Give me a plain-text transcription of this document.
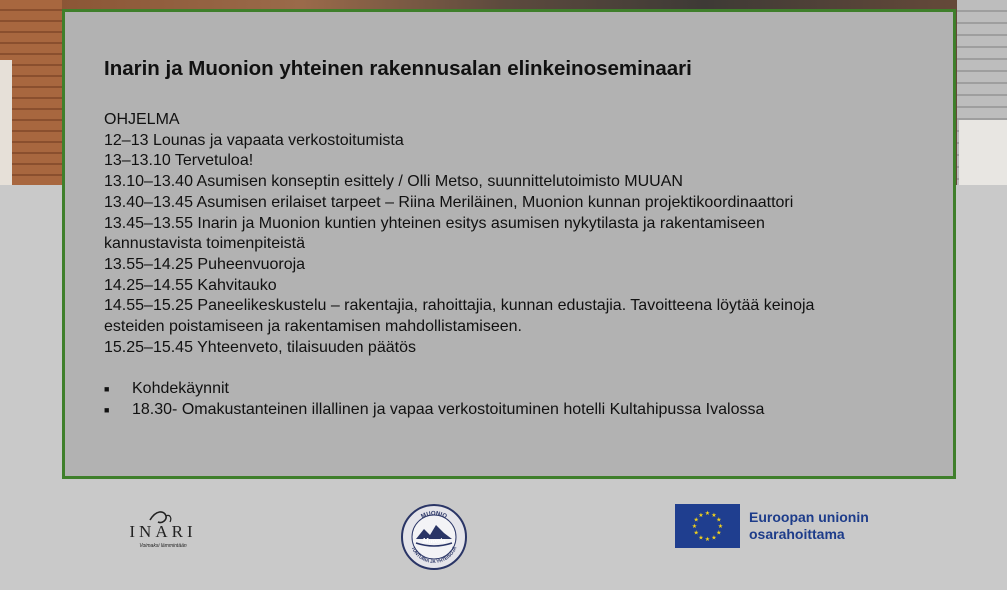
Inarin ja Muonion yhteinen rakennusalan elinkeinoseminaari
OHJELMA
12–13 Lounas ja vapaata verkostoitumista
13–13.10 Tervetuloa!
13.10–13.40 Asumisen konseptin esittely / Olli Metso, suunnittelutoimisto MUUAN
13.40–13.45 Asumisen erilaiset tarpeet – Riina Meriläinen, Muonion kunnan projektikoordinaattori
13.45–13.55 Inarin ja Muonion kuntien yhteinen esitys asumisen nykytilasta ja rakentamiseen
kannustavista toimenpiteistä
13.55–14.25 Puheenvuoroja
14.25–14.55 Kahvitauko
14.55–15.25 Paneelikeskustelu – rakentajia, rahoittajia, kunnan edustajia. Tavoitteena löytää keinoja
esteiden poistamiseen ja rakentamisen mahdollistamiseen.
15.25–15.45 Yhteenveto, tilaisuuden päätös
■	Kohdekäynnit
■	18.30- Omakustanteinen illallinen ja vapaa verkostoituminen hotelli Kultahipussa Ivalossa
INARI
Voimaksi lämmintään
MUONIO
TUNTURIA JA YHTEISÖJÄ
Muonio
★ ★
★
★
★
★
★
★
★
★
★
★	Euroopan unionin
osarahoittama
